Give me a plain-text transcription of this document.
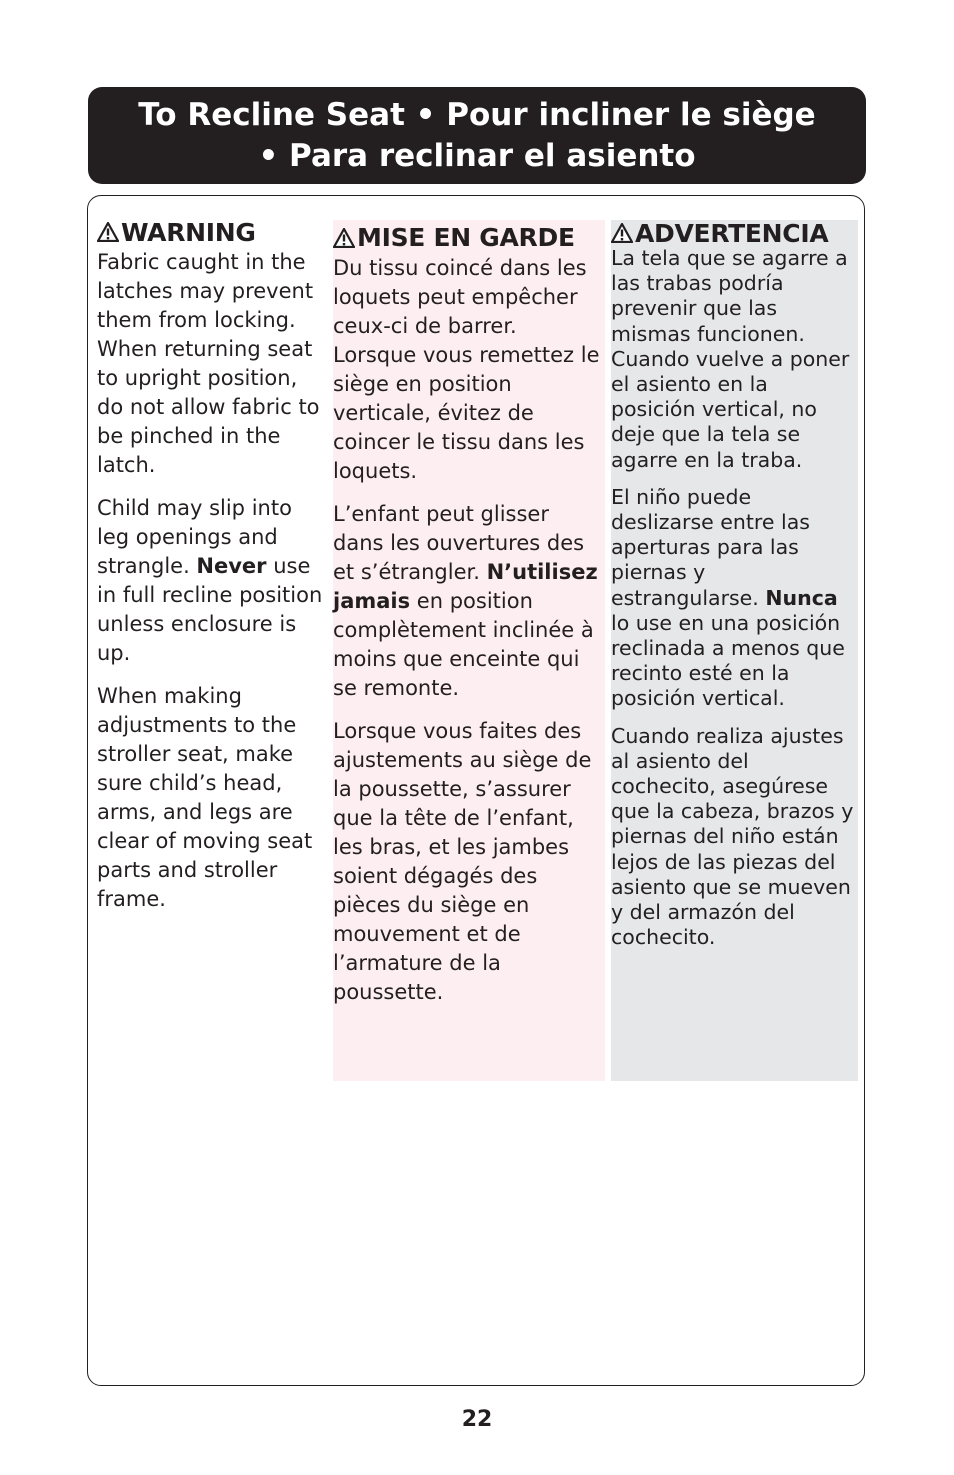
To Recline Seat • Pour incliner le siège
• Para reclinar el asiento
WARNING

Fabric caught in the latches may prevent them from locking. When returning seat to upright position, do not allow fabric to be pinched in the latch.

Child may slip into leg openings and strangle. Never use in full recline position unless enclosure is up.

When making adjustments to the stroller seat, make sure child’s head, arms, and legs are clear of moving seat parts and stroller frame.

MISE EN GARDE

Du tissu coincé dans les loquets peut empêcher ceux-ci de barrer. Lorsque vous remettez le siège en position verticale, évitez de coincer le tissu dans les loquets.

L’enfant peut glisser dans les ouvertures des et s’étrangler. N’utilisez jamais en position complètement inclinée à moins que enceinte qui se remonte.

Lorsque vous faites des ajustements au siège de la poussette, s’assurer que la tête de l’enfant, les bras, et les jambes soient dégagés des pièces du siège en mouvement et de l’armature de la poussette.

ADVERTENCIA

La tela que se agarre a las trabas podría prevenir que las mismas funcionen. Cuando vuelve a poner el asiento en la posición vertical, no deje que la tela se agarre en la traba.

El niño puede deslizarse entre las aperturas para las piernas y estrangularse. Nunca lo use en una posición reclinada a menos que recinto esté en la posición vertical.

Cuando realiza ajustes al asiento del cochecito, asegúrese que la cabeza, brazos y piernas del niño están lejos de las piezas del asiento que se mueven y del armazón del cochecito.

22
